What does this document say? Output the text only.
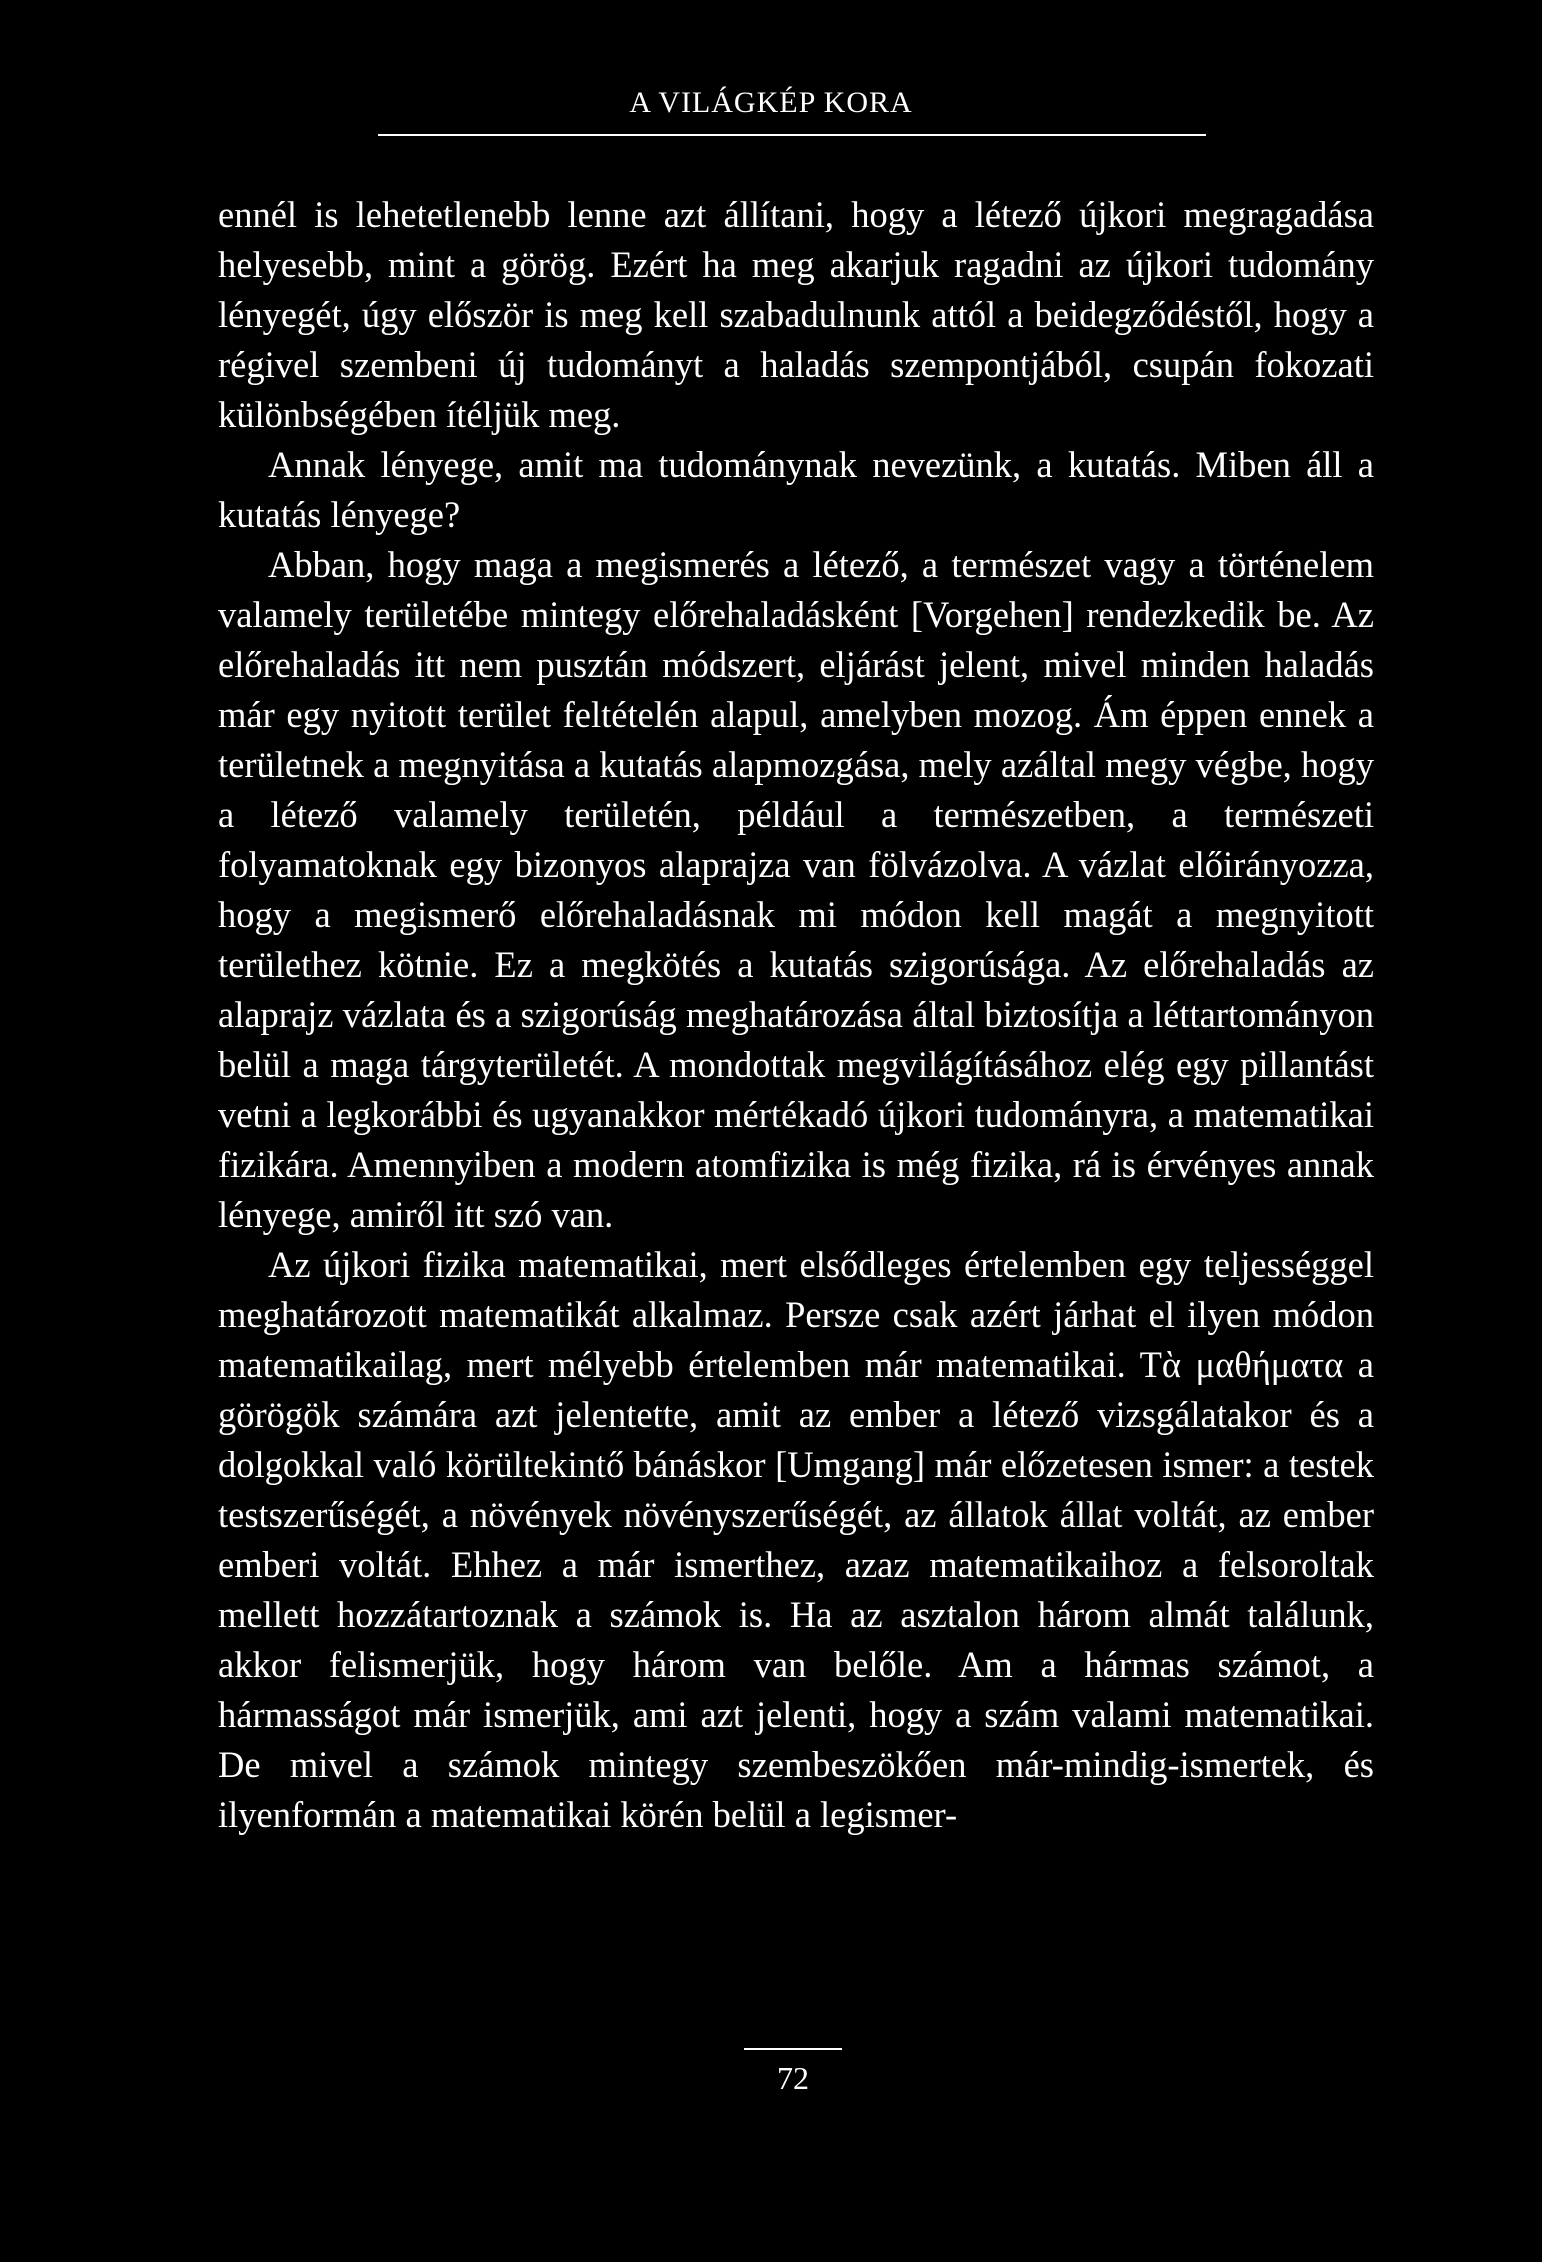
A VILÁGKÉP KORA

ennél is lehetetlenebb lenne azt állítani, hogy a létező újkori megragadása helyesebb, mint a görög. Ezért ha meg akarjuk ragadni az újkori tudomány lényegét, úgy először is meg kell szabadulnunk attól a beidegződéstől, hogy a régivel szembeni új tudományt a haladás szempontjából, csupán fokozati különbségében ítéljük meg.

Annak lényege, amit ma tudománynak nevezünk, a kutatás. Miben áll a kutatás lényege?

Abban, hogy maga a megismerés a létező, a természet vagy a történelem valamely területébe mintegy előrehaladásként [Vorgehen] rendezkedik be. Az előrehaladás itt nem pusztán módszert, eljárást jelent, mivel minden haladás már egy nyitott terület feltételén alapul, amelyben mozog. Ám éppen ennek a területnek a megnyitása a kutatás alapmozgása, mely azáltal megy végbe, hogy a létező valamely területén, például a természetben, a természeti folyamatoknak egy bizonyos alaprajza van fölvázolva. A vázlat előirányozza, hogy a megismerő előrehaladásnak mi módon kell magát a megnyitott területhez kötnie. Ez a megkötés a kutatás szigorúsága. Az előrehaladás az alaprajz vázlata és a szigorúság meghatározása által biztosítja a léttartományon belül a maga tárgyterületét. A mondottak megvilágításához elég egy pillantást vetni a legkorábbi és ugyanakkor mértékadó újkori tudományra, a matematikai fizikára. Amennyiben a modern atomfizika is még fizika, rá is érvényes annak lényege, amiről itt szó van.

Az újkori fizika matematikai, mert elsődleges értelemben egy teljességgel meghatározott matematikát alkalmaz. Persze csak azért járhat el ilyen módon matematikailag, mert mélyebb értelemben már matematikai. Tὰ μαθήματα a görögök számára azt jelentette, amit az ember a létező vizsgálatakor és a dolgokkal való körültekintő bánáskor [Umgang] már előzetesen ismer: a testek testszerűségét, a növények növényszerűségét, az állatok állat voltát, az ember emberi voltát. Ehhez a már ismerthez, azaz matematikaihoz a felsoroltak mellett hozzátartoznak a számok is. Ha az asztalon három almát találunk, akkor felismerjük, hogy három van belőle. Am a hármas számot, a hármasságot már ismerjük, ami azt jelenti, hogy a szám valami matematikai. De mivel a számok mintegy szembeszökően már-mindig-ismertek, és ilyenformán a matematikai körén belül a legismer-

72
